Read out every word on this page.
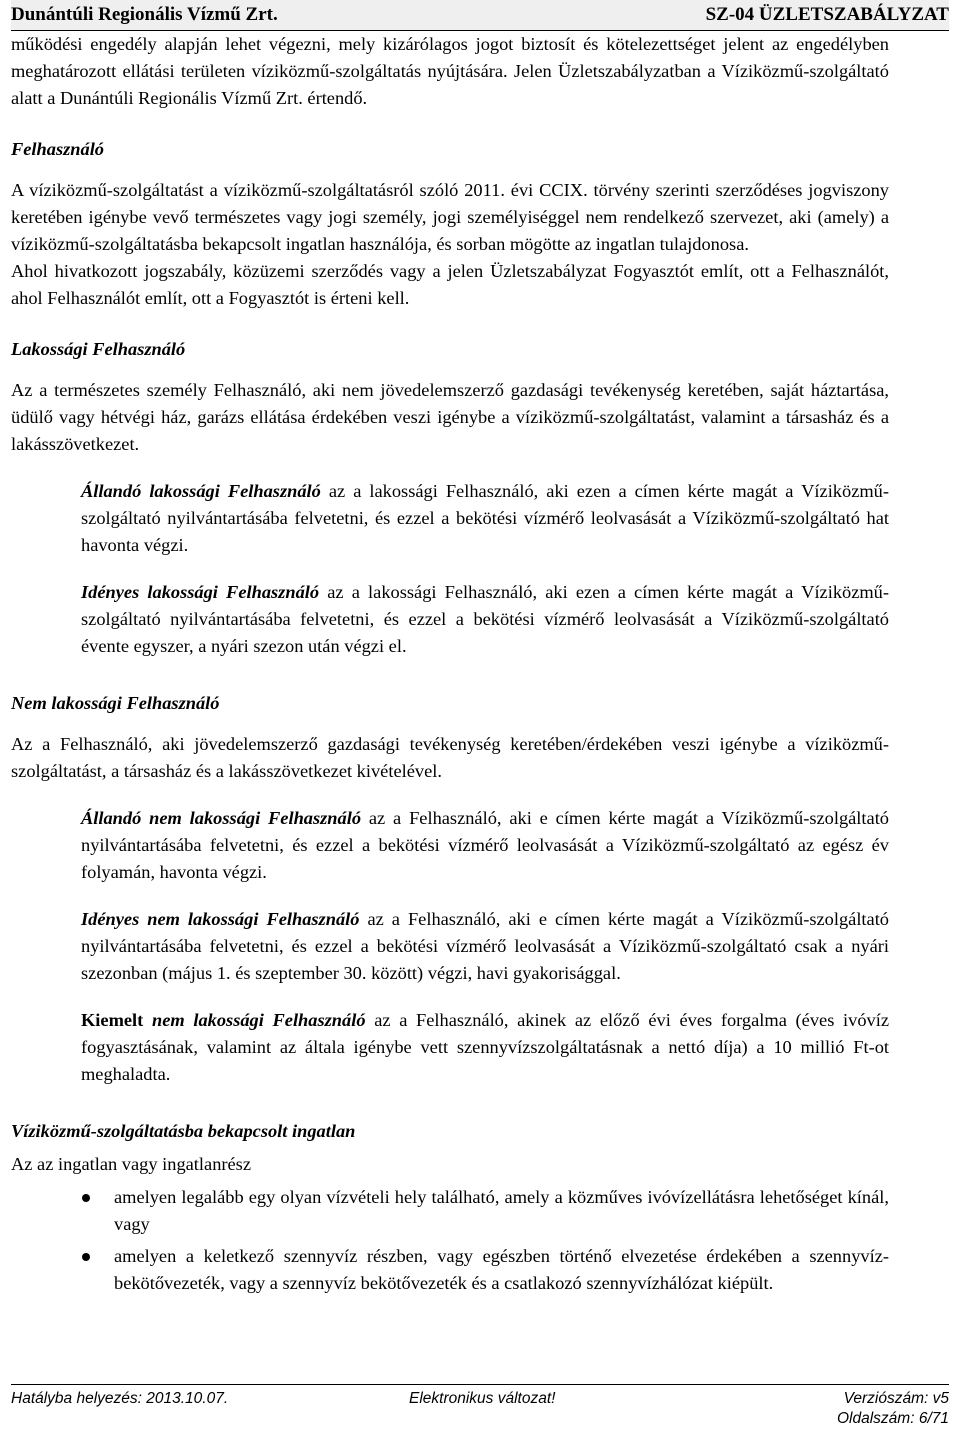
Dunántúli Regionális Vízmű Zrt.	SZ-04 ÜZLETSZABÁLYZAT

működési engedély alapján lehet végezni, mely kizárólagos jogot biztosít és kötelezettséget jelent az engedélyben meghatározott ellátási területen víziközmű-szolgáltatás nyújtására. Jelen Üzletszabályzatban a Víziközmű-szolgáltató alatt a Dunántúli Regionális Vízmű Zrt. értendő.

Felhasználó

A víziközmű-szolgáltatást a víziközmű-szolgáltatásról szóló 2011. évi CCIX. törvény szerinti szerződéses jogviszony keretében igénybe vevő természetes vagy jogi személy, jogi személyiséggel nem rendelkező szervezet, aki (amely) a víziközmű-szolgáltatásba bekapcsolt ingatlan használója, és sorban mögötte az ingatlan tulajdonosa.

Ahol hivatkozott jogszabály, közüzemi szerződés vagy a jelen Üzletszabályzat Fogyasztót említ, ott a Felhasználót, ahol Felhasználót említ, ott a Fogyasztót is érteni kell.

Lakossági Felhasználó

Az a természetes személy Felhasználó, aki nem jövedelemszerző gazdasági tevékenység keretében, saját háztartása, üdülő vagy hétvégi ház, garázs ellátása érdekében veszi igénybe a víziközmű-szolgáltatást, valamint a társasház és a lakásszövetkezet.

Állandó lakossági Felhasználó az a lakossági Felhasználó, aki ezen a címen kérte magát a Víziközmű-szolgáltató nyilvántartásába felvetetni, és ezzel a bekötési vízmérő leolvasását a Víziközmű-szolgáltató hat havonta végzi.

Idényes lakossági Felhasználó az a lakossági Felhasználó, aki ezen a címen kérte magát a Víziközmű-szolgáltató nyilvántartásába felvetetni, és ezzel a bekötési vízmérő leolvasását a Víziközmű-szolgáltató évente egyszer, a nyári szezon után végzi el.

Nem lakossági Felhasználó

Az a Felhasználó, aki jövedelemszerző gazdasági tevékenység keretében/érdekében veszi igénybe a víziközmű-szolgáltatást, a társasház és a lakásszövetkezet kivételével.

Állandó nem lakossági Felhasználó az a Felhasználó, aki e címen kérte magát a Víziközmű-szolgáltató nyilvántartásába felvetetni, és ezzel a bekötési vízmérő leolvasását a Víziközmű-szolgáltató az egész év folyamán, havonta végzi.

Idényes nem lakossági Felhasználó az a Felhasználó, aki e címen kérte magát a Víziközmű-szolgáltató nyilvántartásába felvetetni, és ezzel a bekötési vízmérő leolvasását a Víziközmű-szolgáltató csak a nyári szezonban (május 1. és szeptember 30. között) végzi, havi gyakorisággal.

Kiemelt nem lakossági Felhasználó az a Felhasználó, akinek az előző évi éves forgalma (éves ivóvíz fogyasztásának, valamint az általa igénybe vett szennyvízszolgáltatásnak a nettó díja) a 10 millió Ft-ot meghaladta.

Víziközmű-szolgáltatásba bekapcsolt ingatlan

Az az ingatlan vagy ingatlanrész

amelyen legalább egy olyan vízvételi hely található, amely a közműves ivóvízellátásra lehetőséget kínál, vagy
amelyen a keletkező szennyvíz részben, vagy egészben történő elvezetése érdekében a szennyvíz-bekötővezeték, vagy a szennyvíz bekötővezeték és a csatlakozó szennyvízhálózat kiépült.
Hatályba helyezés: 2013.10.07.	Elektronikus változat!	Verziószám: v5
Oldalszám: 6/71
